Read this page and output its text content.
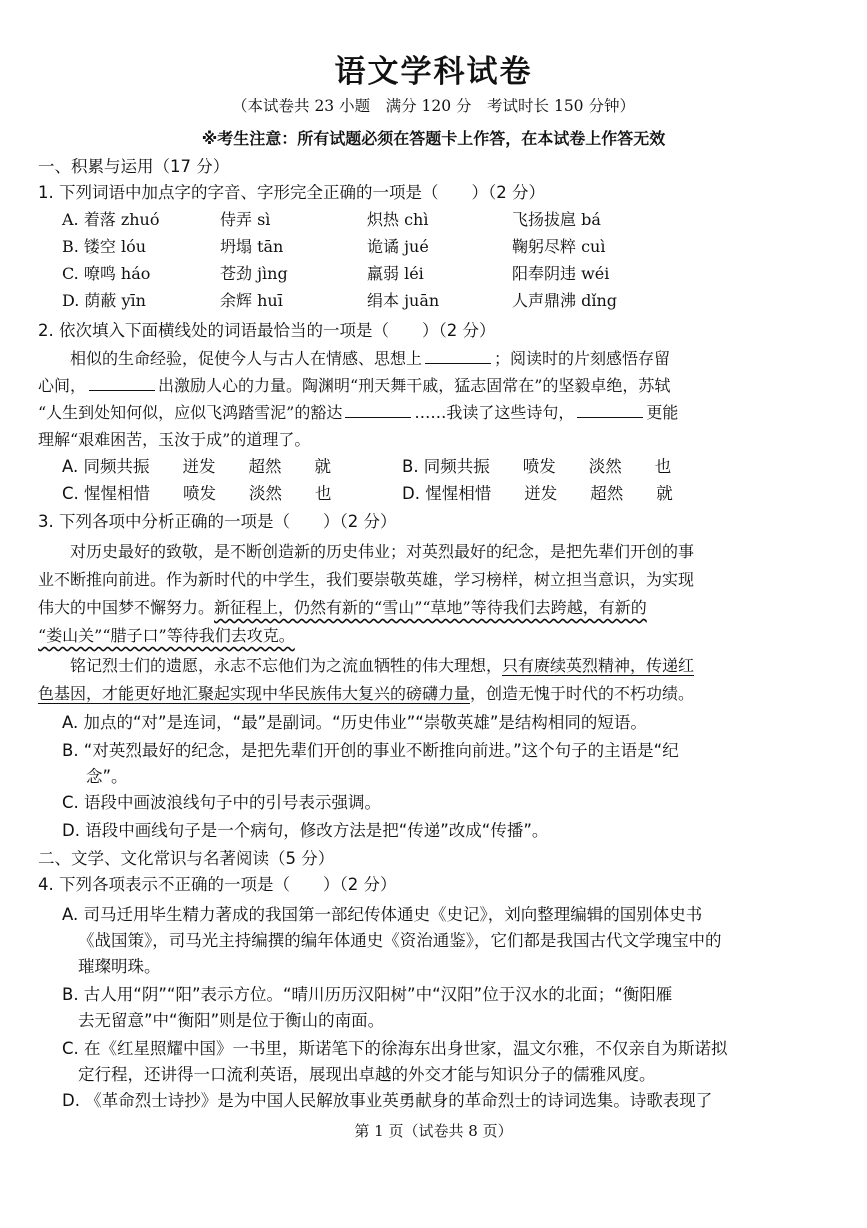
语文学科试卷
（本试卷共 23 小题　满分 120 分　考试时长 150 分钟）
※考生注意：所有试题必须在答题卡上作答，在本试卷上作答无效
一、积累与运用（17 分）
1. 下列词语中加点字的字音、字形完全正确的一项是（　　）（2 分）
A. 着落 zhuó	侍弄 sì	炽热 chì	飞扬拔扈 bá
B. 镂空 lóu	坍塌 tān	诡谲 jué	鞠躬尽粹 cuì
C. 嘹鸣 háo	苍劲 jìng	羸弱 léi	阳奉阴违 wéi
D. 荫蔽 yīn	余辉 huī	绢本 juān	人声鼎沸 dǐng
2. 依次填入下面横线处的词语最恰当的一项是（　　）（2 分）
　　相似的生命经验，促使今人与古人在情感、思想上	；阅读时的片刻感悟存留
心间，	出激励人心的力量。陶渊明“刑天舞干戚，猛志固常在”的坚毅卓绝，苏轼
“人生到处知何似，应似飞鸿踏雪泥”的豁达	……我读了这些诗句，	更能
理解“艰难困苦，玉汝于成”的道理了。
A. 同频共振　　迸发　　超然　　就	B. 同频共振　　喷发　　淡然　　也
C. 惺惺相惜　　喷发　　淡然　　也	D. 惺惺相惜　　迸发　　超然　　就
3. 下列各项中分析正确的一项是（　　）（2 分）
　　对历史最好的致敬，是不断创造新的历史伟业；对英烈最好的纪念，是把先辈们开创的事
业不断推向前进。作为新时代的中学生，我们要崇敬英雄，学习榜样，树立担当意识，为实现
伟大的中国梦不懈努力。新征程上，仍然有新的“雪山”“草地”等待我们去跨越，有新的
“娄山关”“腊子口”等待我们去攻克。
　　铭记烈士们的遗愿，永志不忘他们为之流血牺牲的伟大理想，只有赓续英烈精神，传递红
色基因，才能更好地汇聚起实现中华民族伟大复兴的磅礴力量，创造无愧于时代的不朽功绩。
A. 加点的“对”是连词，“最”是副词。“历史伟业”“崇敬英雄”是结构相同的短语。
B. “对英烈最好的纪念，是把先辈们开创的事业不断推向前进。”这个句子的主语是“纪
念”。
C. 语段中画波浪线句子中的引号表示强调。
D. 语段中画线句子是一个病句，修改方法是把“传递”改成“传播”。
二、文学、文化常识与名著阅读（5 分）
4. 下列各项表示不正确的一项是（　　）（2 分）
A. 司马迁用毕生精力著成的我国第一部纪传体通史《史记》，刘向整理编辑的国别体史书
《战国策》，司马光主持编撰的编年体通史《资治通鉴》，它们都是我国古代文学瑰宝中的
璀璨明珠。
B. 古人用“阴”“阳”表示方位。“晴川历历汉阳树”中“汉阳”位于汉水的北面；“衡阳雁
去无留意”中“衡阳”则是位于衡山的南面。
C. 在《红星照耀中国》一书里，斯诺笔下的徐海东出身世家，温文尔雅，不仅亲自为斯诺拟
定行程，还讲得一口流利英语，展现出卓越的外交才能与知识分子的儒雅风度。
D. 《革命烈士诗抄》是为中国人民解放事业英勇献身的革命烈士的诗词选集。诗歌表现了
第 1 页（试卷共 8 页）
